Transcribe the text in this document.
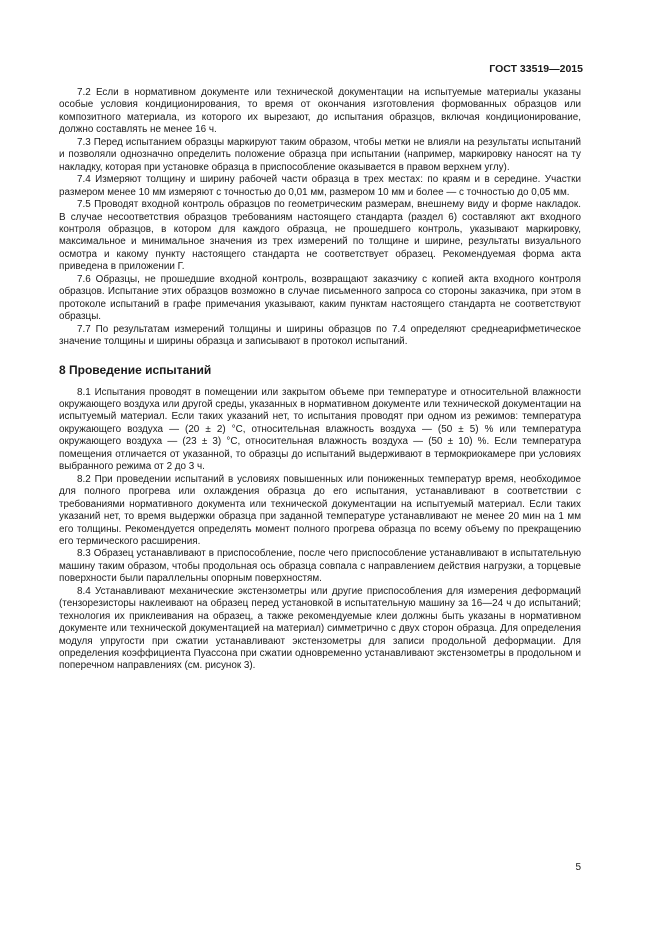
ГОСТ 33519—2015

7.2 Если в нормативном документе или технической документации на испытуемые материалы указаны особые условия кондиционирования, то время от окончания изготовления формованных образцов или композитного материала, из которого их вырезают, до испытания образцов, включая кондиционирование, должно составлять не менее 16 ч.

7.3 Перед испытанием образцы маркируют таким образом, чтобы метки не влияли на результаты испытаний и позволяли однозначно определить положение образца при испытании (например, маркировку наносят на ту накладку, которая при установке образца в приспособление оказывается в правом верхнем углу).

7.4 Измеряют толщину и ширину рабочей части образца в трех местах: по краям и в середине. Участки размером менее 10 мм измеряют с точностью до 0,01 мм, размером 10 мм и более — с точностью до 0,05 мм.

7.5 Проводят входной контроль образцов по геометрическим размерам, внешнему виду и форме накладок. В случае несоответствия образцов требованиям настоящего стандарта (раздел 6) составляют акт входного контроля образцов, в котором для каждого образца, не прошедшего контроль, указывают маркировку, максимальное и минимальное значения из трех измерений по толщине и ширине, результаты визуального осмотра и какому пункту настоящего стандарта не соответствует образец. Рекомендуемая форма акта приведена в приложении Г.

7.6 Образцы, не прошедшие входной контроль, возвращают заказчику с копией акта входного контроля образцов. Испытание этих образцов возможно в случае письменного запроса со стороны заказчика, при этом в протоколе испытаний в графе примечания указывают, каким пунктам настоящего стандарта не соответствуют образцы.

7.7 По результатам измерений толщины и ширины образцов по 7.4 определяют среднеарифметическое значение толщины и ширины образца и записывают в протокол испытаний.

8 Проведение испытаний

8.1 Испытания проводят в помещении или закрытом объеме при температуре и относительной влажности окружающего воздуха или другой среды, указанных в нормативном документе или технической документации на испытуемый материал. Если таких указаний нет, то испытания проводят при одном из режимов: температура окружающего воздуха — (20 ± 2) °С, относительная влажность воздуха — (50 ± 5) % или температура окружающего воздуха — (23 ± 3) °С, относительная влажность воздуха — (50 ± 10) %. Если температура помещения отличается от указанной, то образцы до испытаний выдерживают в термокриокамере при условиях выбранного режима от 2 до 3 ч.

8.2 При проведении испытаний в условиях повышенных или пониженных температур время, необходимое для полного прогрева или охлаждения образца до его испытания, устанавливают в соответствии с требованиями нормативного документа или технической документации на испытуемый материал. Если таких указаний нет, то время выдержки образца при заданной температуре устанавливают не менее 20 мин на 1 мм его толщины. Рекомендуется определять момент полного прогрева образца по всему объему по прекращению его термического расширения.

8.3 Образец устанавливают в приспособление, после чего приспособление устанавливают в испытательную машину таким образом, чтобы продольная ось образца совпала с направлением действия нагрузки, а торцевые поверхности были параллельны опорным поверхностям.

8.4 Устанавливают механические экстензометры или другие приспособления для измерения деформаций (тензорезисторы наклеивают на образец перед установкой в испытательную машину за 16—24 ч до испытаний; технология их приклеивания на образец, а также рекомендуемые клеи должны быть указаны в нормативном документе или технической документацией на материал) симметрично с двух сторон образца. Для определения модуля упругости при сжатии устанавливают экстензометры для записи продольной деформации. Для определения коэффициента Пуассона при сжатии одновременно устанавливают экстензометры в продольном и поперечном направлениях (см. рисунок 3).

5
